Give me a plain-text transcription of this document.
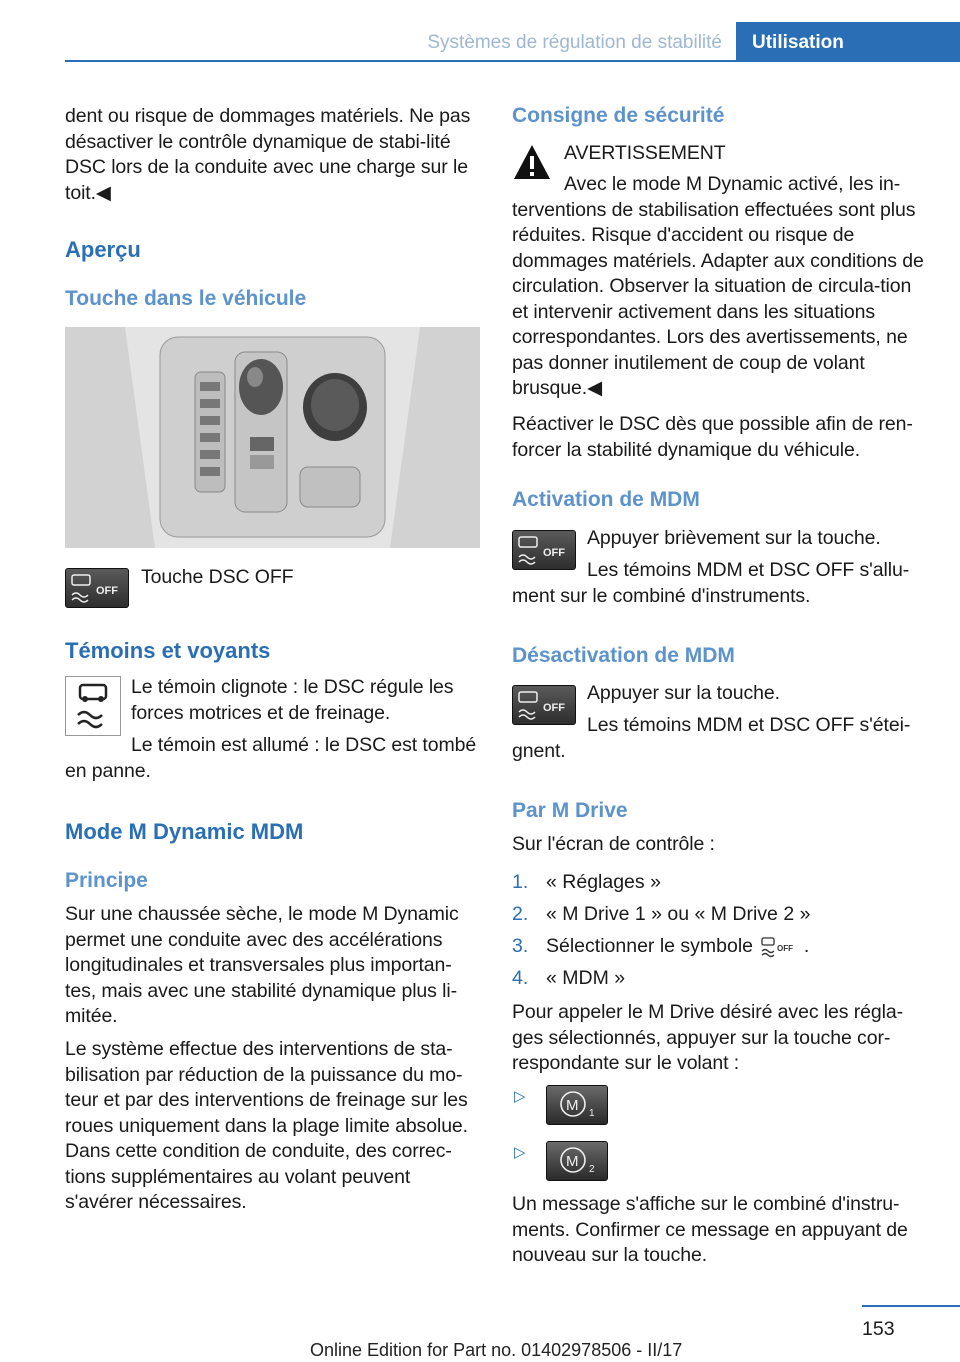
Systèmes de régulation de stabilité	Utilisation

dent ou risque de dommages matériels. Ne pas désactiver le contrôle dynamique de stabi-lité DSC lors de la conduite avec une charge sur le toit.◀

Aperçu
Touche dans le véhicule
OFF

Touche DSC OFF

Témoins et voyants

Le témoin clignote : le DSC régule les forces motrices et de freinage.

Le témoin est allumé : le DSC est tombé en panne.

Mode M Dynamic MDM
Principe

Sur une chaussée sèche, le mode M Dynamic permet une conduite avec des accélérations longitudinales et transversales plus importan-tes, mais avec une stabilité dynamique plus li-mitée.

Le système effectue des interventions de sta-bilisation par réduction de la puissance du mo-teur et par des interventions de freinage sur les roues uniquement dans la plage limite absolue. Dans cette condition de conduite, des correc-tions supplémentaires au volant peuvent s'avérer nécessaires.

Consigne de sécurité

AVERTISSEMENT

Avec le mode M Dynamic activé, les in-terventions de stabilisation effectuées sont plus réduites. Risque d'accident ou risque de dommages matériels. Adapter aux conditions de circulation. Observer la situation de circula-tion et intervenir activement dans les situations correspondantes. Lors des avertissements, ne pas donner inutilement de coup de volant brusque.◀

Réactiver le DSC dès que possible afin de ren-forcer la stabilité dynamique du véhicule.

Activation de MDM
OFF

Appuyer brièvement sur la touche.

Les témoins MDM et DSC OFF s'allu-ment sur le combiné d'instruments.

Désactivation de MDM
OFF

Appuyer sur la touche.

Les témoins MDM et DSC OFF s'étei-gnent.

Par M Drive

Sur l'écran de contrôle :

1. « Réglages »
2. « M Drive 1 » ou « M Drive 2 »
3. Sélectionner le symbole	OFF .
4. « MDM »

Pour appeler le M Drive désiré avec les régla-ges sélectionnés, appuyer sur la touche cor-respondante sur le volant :

▷
M 1
▷
M 2

Un message s'affiche sur le combiné d'instru-ments. Confirmer ce message en appuyant de nouveau sur la touche.

153
Online Edition for Part no. 01402978506 - II/17
